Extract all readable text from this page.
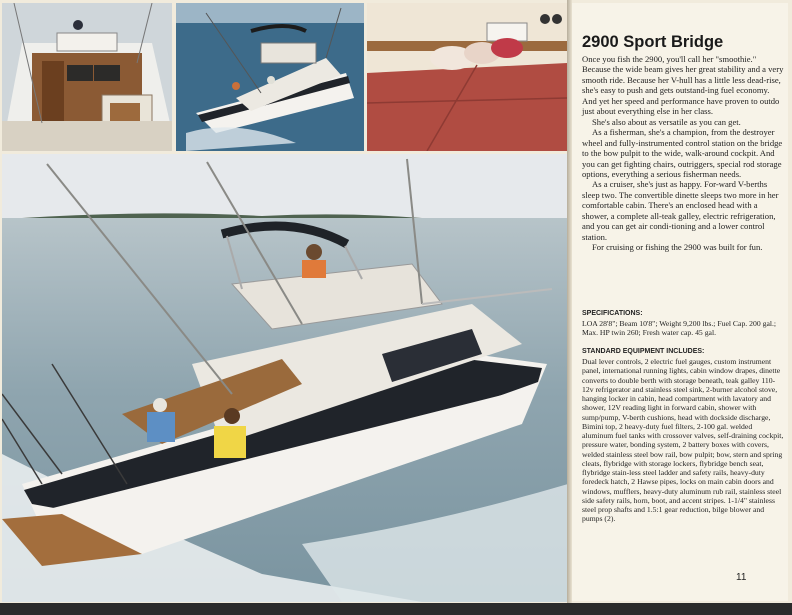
2900 Sport Bridge

Once you fish the 2900, you'll call her "smoothie." Because the wide beam gives her great stability and a very smooth ride. Because her V-hull has a little less dead-rise, she's easy to push and gets outstand-ing fuel economy. And yet her speed and performance have proven to outdo just about everything else in her class.

She's also about as versatile as you can get.

As a fisherman, she's a champion, from the destroyer wheel and fully-instrumented control station on the bridge to the bow pulpit to the wide, walk-around cockpit. And you can get fighting chairs, outriggers, special rod storage options, everything a serious fisherman needs.

As a cruiser, she's just as happy. For-ward V-berths sleep two. The convertible dinette sleeps two more in her comfortable cabin. There's an enclosed head with a shower, a complete all-teak galley, electric refrigeration, and you can get air condi-tioning and a lower control station.

For cruising or fishing the 2900 was built for fun.

SPECIFICATIONS:
LOA 28'8"; Beam 10'8"; Weight 9,200 lbs.; Fuel Cap. 200 gal.; Max. HP twin 260; Fresh water cap. 45 gal.
STANDARD EQUIPMENT INCLUDES:
Dual lever controls, 2 electric fuel gauges, custom instrument panel, international running lights, cabin window drapes, dinette converts to double berth with storage beneath, teak galley 110-12v refrigerator and stainless steel sink, 2-burner alcohol stove, hanging locker in cabin, head compartment with lavatory and shower, 12V reading light in forward cabin, shower with sump/pump, V-berth cushions, head with dockside discharge, Bimini top, 2 heavy-duty fuel filters, 2-100 gal. welded aluminum fuel tanks with crossover valves, self-draining cockpit, pressure water, bonding system, 2 battery boxes with covers, welded stainless steel bow rail, bow pulpit; bow, stern and spring cleats, flybridge with storage lockers, flybridge bench seat, flybridge stain-less steel ladder and safety rails, heavy-duty foredeck hatch, 2 Hawse pipes, locks on main cabin doors and windows, mufflers, heavy-duty aluminum rub rail, stainless steel side safety rails, horn, boot, and accent stripes. 1-1/4" stainless steel prop shafts and 1.5:1 gear reduction, bilge blower and pumps (2).
11
